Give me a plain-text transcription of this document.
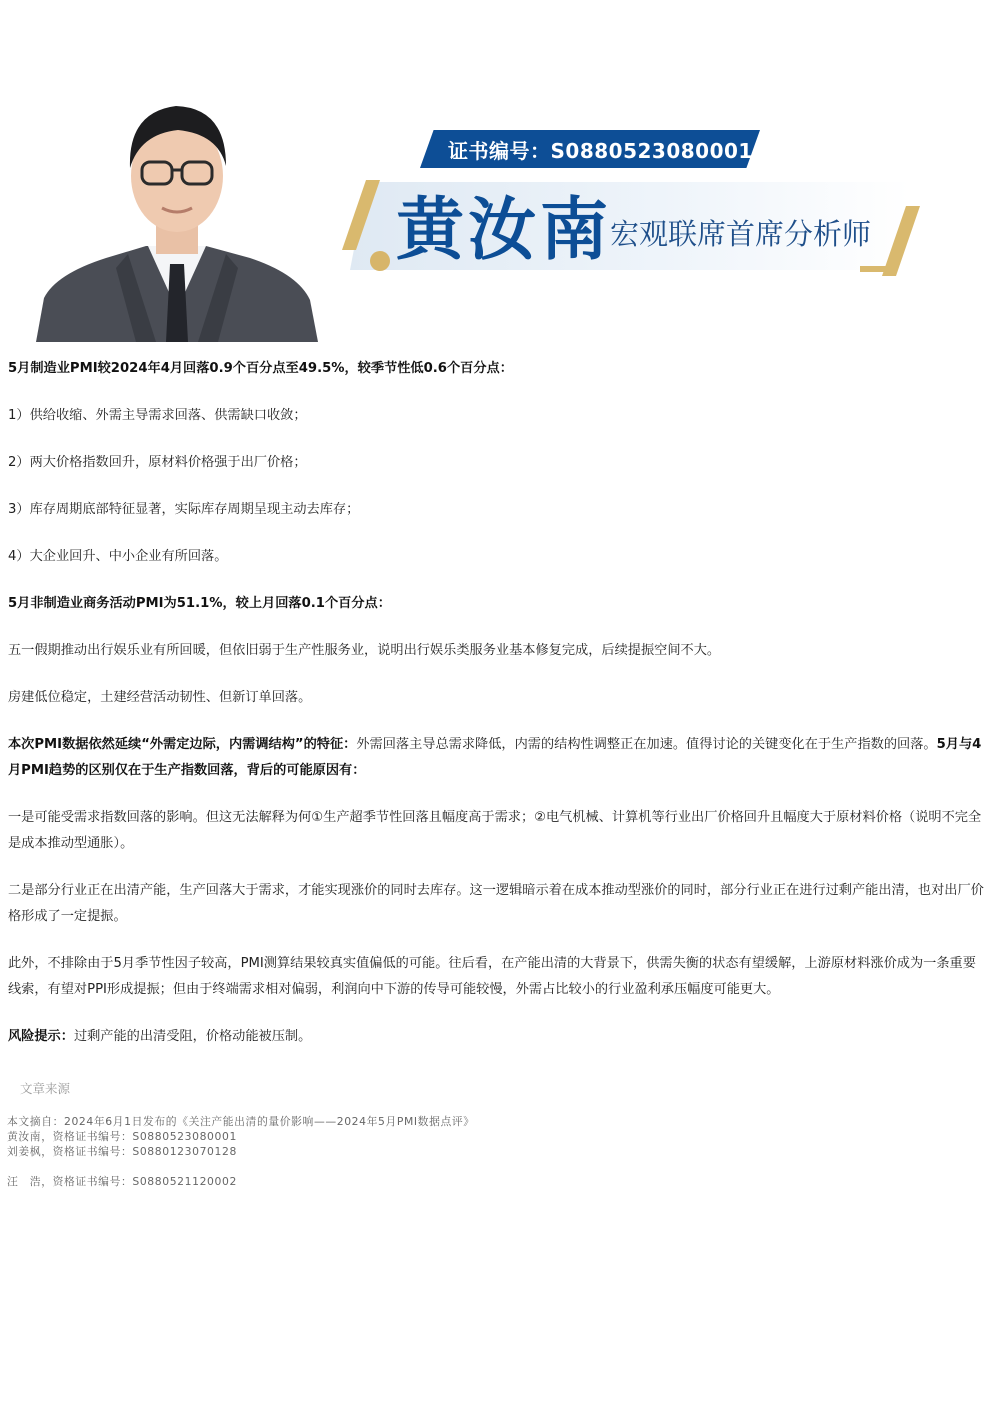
证书编号：S0880523080001
黄汝南
宏观联席首席分析师

5月制造业PMI较2024年4月回落0.9个百分点至49.5%，较季节性低0.6个百分点：

1）供给收缩、外需主导需求回落、供需缺口收敛；

2）两大价格指数回升，原材料价格强于出厂价格；

3）库存周期底部特征显著，实际库存周期呈现主动去库存；

4）大企业回升、中小企业有所回落。

5月非制造业商务活动PMI为51.1%，较上月回落0.1个百分点：

五一假期推动出行娱乐业有所回暖，但依旧弱于生产性服务业，说明出行娱乐类服务业基本修复完成，后续提振空间不大。

房建低位稳定，土建经营活动韧性、但新订单回落。

本次PMI数据依然延续“外需定边际，内需调结构”的特征：外需回落主导总需求降低，内需的结构性调整正在加速。值得讨论的关键变化在于生产指数的回落。5月与4月PMI趋势的区别仅在于生产指数回落，背后的可能原因有：

一是可能受需求指数回落的影响。但这无法解释为何①生产超季节性回落且幅度高于需求；②电气机械、计算机等行业出厂价格回升且幅度大于原材料价格（说明不完全是成本推动型通胀）。

二是部分行业正在出清产能，生产回落大于需求，才能实现涨价的同时去库存。这一逻辑暗示着在成本推动型涨价的同时，部分行业正在进行过剩产能出清，也对出厂价格形成了一定提振。

此外，不排除由于5月季节性因子较高，PMI测算结果较真实值偏低的可能。往后看，在产能出清的大背景下，供需失衡的状态有望缓解，上游原材料涨价成为一条重要线索，有望对PPI形成提振；但由于终端需求相对偏弱，利润向中下游的传导可能较慢，外需占比较小的行业盈利承压幅度可能更大。

风险提示：过剩产能的出清受阻，价格动能被压制。

文章来源
本文摘自：2024年6月1日发布的《关注产能出清的量价影响——2024年5月PMI数据点评》
黄汝南，资格证书编号：S0880523080001
刘姜枫，资格证书编号：S0880123070128
汪　浩，资格证书编号：S0880521120002
